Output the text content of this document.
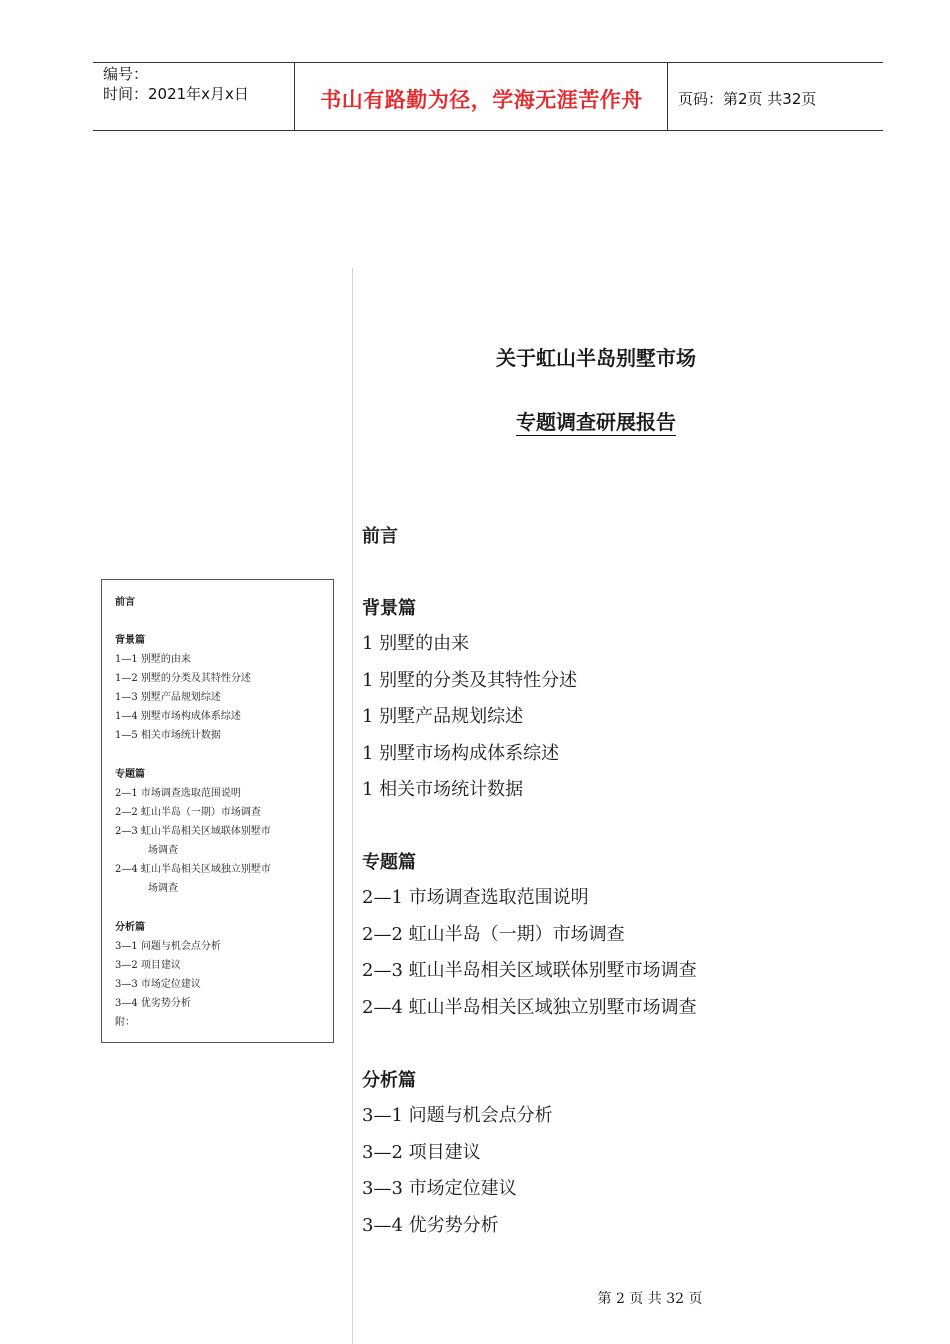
编号：
时间：2021年x月x日	书山有路勤为径，学海无涯苦作舟	页码：第2页 共32页
关于虹山半岛别墅市场
专题调查研展报告
前言
背景篇
1 别墅的由来
1 别墅的分类及其特性分述
1 别墅产品规划综述
1 别墅市场构成体系综述
1 相关市场统计数据
专题篇
2—1 市场调查选取范围说明
2—2 虹山半岛（一期）市场调查
2—3 虹山半岛相关区域联体别墅市场调查
2—4 虹山半岛相关区域独立别墅市场调查
分析篇
3—1 问题与机会点分析
3—2 项目建议
3—3 市场定位建议
3—4 优劣势分析
前言
背景篇
1—1 别墅的由来
1—2 别墅的分类及其特性分述
1—3 别墅产品规划综述
1—4 别墅市场构成体系综述
1—5 相关市场统计数据
专题篇
2—1 市场调查选取范围说明
2—2 虹山半岛（一期）市场调查
2—3 虹山半岛相关区域联体别墅市
场调查
2—4 虹山半岛相关区域独立别墅市
场调查
分析篇
3—1 问题与机会点分析
3—2 项目建议
3—3 市场定位建议
3—4 优劣势分析
附：
第 2 页 共 32 页
